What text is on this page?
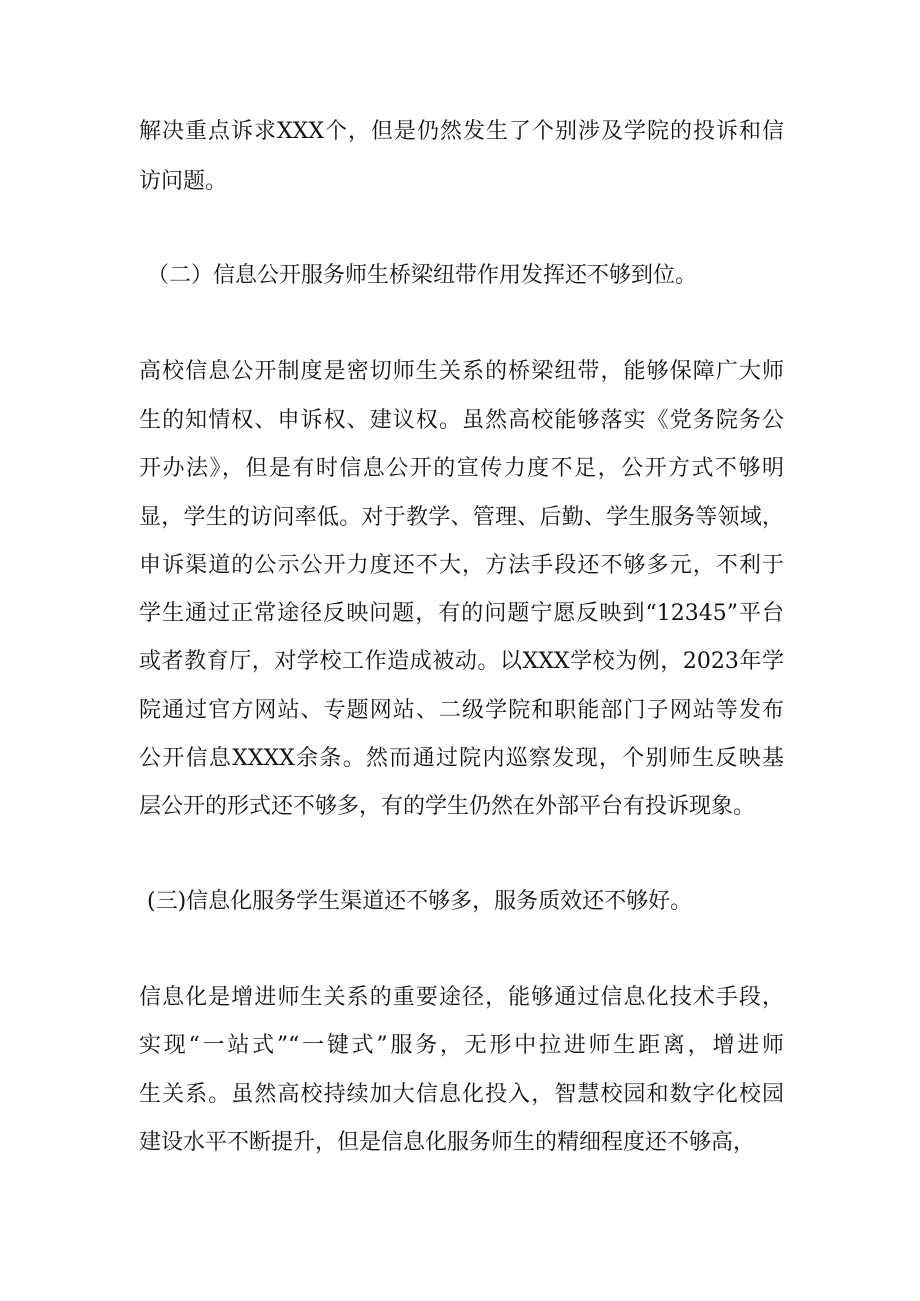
解决重点诉求XXX个，但是仍然发生了个别涉及学院的投诉和信
访问题。
（二）信息公开服务师生桥梁纽带作用发挥还不够到位。
高校信息公开制度是密切师生关系的桥梁纽带，能够保障广大师
生的知情权、申诉权、建议权。虽然高校能够落实《党务院务公
开办法》，但是有时信息公开的宣传力度不足，公开方式不够明
显，学生的访问率低。对于教学、管理、后勤、学生服务等领域，
申诉渠道的公示公开力度还不大，方法手段还不够多元，不利于
学生通过正常途径反映问题，有的问题宁愿反映到“12345”平台
或者教育厅，对学校工作造成被动。以XXX学校为例，2023年学
院通过官方网站、专题网站、二级学院和职能部门子网站等发布
公开信息XXXX余条。然而通过院内巡察发现，个别师生反映基
层公开的形式还不够多，有的学生仍然在外部平台有投诉现象。
(三)信息化服务学生渠道还不够多，服务质效还不够好。
信息化是增进师生关系的重要途径，能够通过信息化技术手段，
实现“一站式”“一键式”服务，无形中拉进师生距离，增进师
生关系。虽然高校持续加大信息化投入，智慧校园和数字化校园
建设水平不断提升，但是信息化服务师生的精细程度还不够高，
